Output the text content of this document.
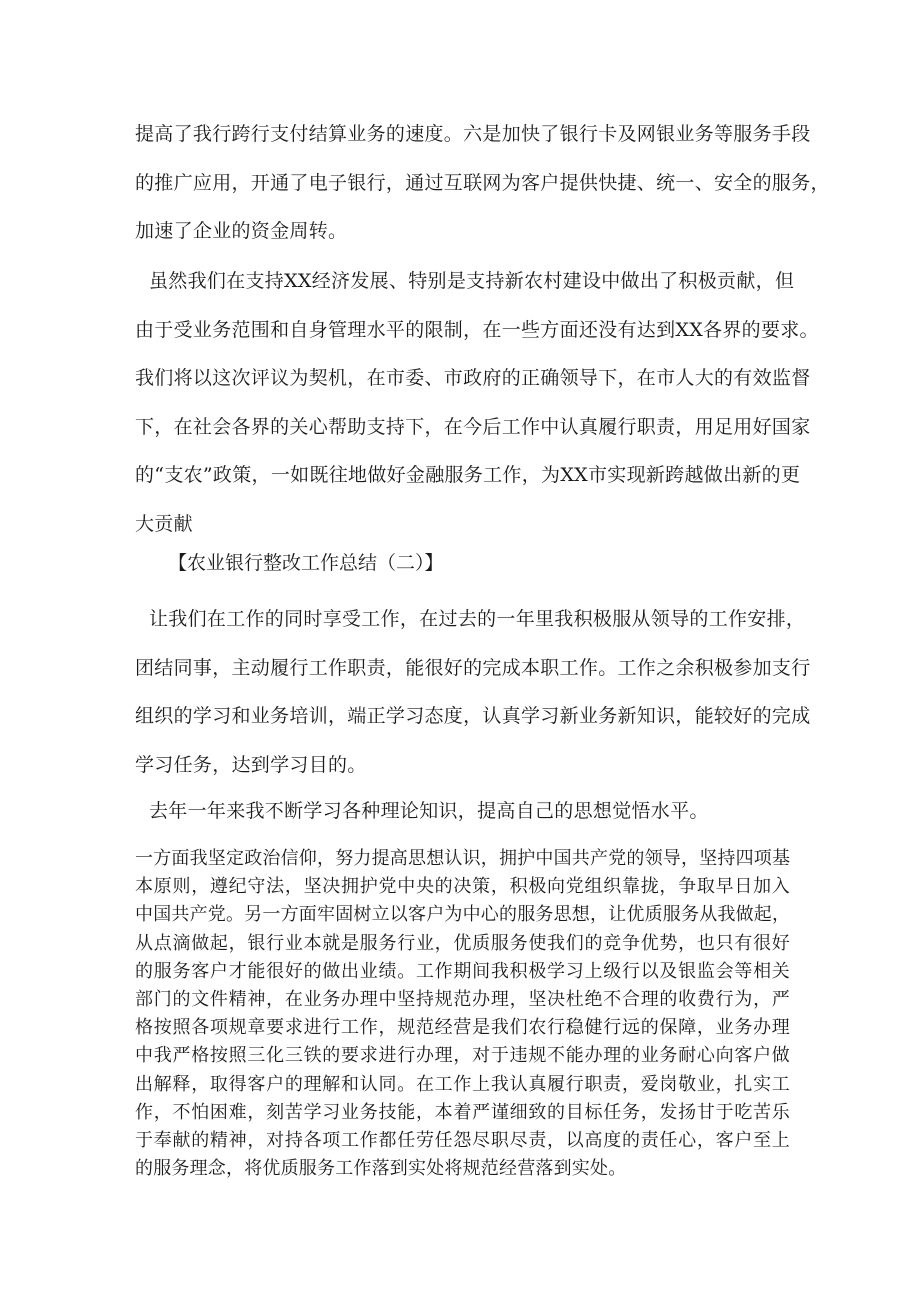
提高了我行跨行支付结算业务的速度。六是加快了银行卡及网银业务等服务手段
的推广应用，开通了电子银行，通过互联网为客户提供快捷、统一、安全的服务，
加速了企业的资金周转。
虽然我们在支持XX经济发展、特别是支持新农村建设中做出了积极贡献，但
由于受业务范围和自身管理水平的限制，在一些方面还没有达到XX各界的要求。
我们将以这次评议为契机，在市委、市政府的正确领导下，在市人大的有效监督
下，在社会各界的关心帮助支持下，在今后工作中认真履行职责，用足用好国家
的“支农”政策，一如既往地做好金融服务工作，为XX市实现新跨越做出新的更
大贡献

【农业银行整改工作总结（二）】

让我们在工作的同时享受工作，在过去的一年里我积极服从领导的工作安排，
团结同事，主动履行工作职责，能很好的完成本职工作。工作之余积极参加支行
组织的学习和业务培训，端正学习态度，认真学习新业务新知识，能较好的完成
学习任务，达到学习目的。
去年一年来我不断学习各种理论知识，提高自己的思想觉悟水平。
一方面我坚定政治信仰，努力提高思想认识，拥护中国共产党的领导，坚持四项基
本原则，遵纪守法，坚决拥护党中央的决策，积极向党组织靠拢，争取早日加入
中国共产党。另一方面牢固树立以客户为中心的服务思想，让优质服务从我做起，
从点滴做起，银行业本就是服务行业，优质服务使我们的竞争优势，也只有很好
的服务客户才能很好的做出业绩。工作期间我积极学习上级行以及银监会等相关
部门的文件精神，在业务办理中坚持规范办理，坚决杜绝不合理的收费行为，严
格按照各项规章要求进行工作，规范经营是我们农行稳健行远的保障，业务办理
中我严格按照三化三铁的要求进行办理，对于违规不能办理的业务耐心向客户做
出解释，取得客户的理解和认同。在工作上我认真履行职责，爱岗敬业，扎实工
作，不怕困难，刻苦学习业务技能，本着严谨细致的目标任务，发扬甘于吃苦乐
于奉献的精神，对持各项工作都任劳任怨尽职尽责，以高度的责任心，客户至上
的服务理念，将优质服务工作落到实处将规范经营落到实处。
